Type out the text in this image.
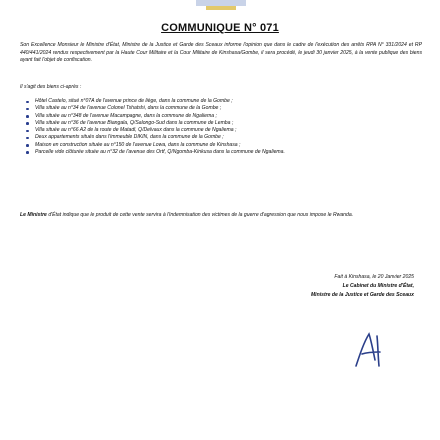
COMMUNIQUE N° 071
Son Excellence Monsieur le Ministre d'État, Ministre de la Justice et Garde des Sceaux informe l'opinion que dans le cadre de l'exécution des arrêts RPA N° 331/2024 et RP 440/441/2024 rendus respectivement par la Haute Cour Militaire et la Cour Militaire de Kinshasa/Gombe, il sera procédé, le jeudi 30 janvier 2025, à la vente publique des biens ayant fait l'objet de confiscation.
Il s'agit des biens ci-après :
Hôtel Castelo, situé n°07A de l'avenue prince de liège, dans la commune de la Gombe ;
Villa située au n°34 de l'avenue Colonel Tshatshi, dans la commune de la Gombe ;
Villa située au n°348 de l'avenue Macampagne, dans la commune de Ngaliema ;
Villa située au n°36 de l'avenue Biangala, Q/Salongo-Sud dans la commune de Lemba ;
Villa située au n°66 A2 de la route de Matadi, Q/Delvaux dans la commune de Ngaliema ;
Deux appartements situés dans l'immeuble DIKIN, dans la commune de la Gombe ;
Maison en construction située au n°150 de l'avenue Lowa, dans la commune de Kinshasa ;
Parcelle vide clôturée située au n°32 de l'avenue des Ortf, Q/Ngomba-Kinkusa dans la commune de Ngaliema.
Le Ministre d'État indique que le produit de cette vente servira à l'indemnisation des victimes de la guerre d'agression que nous impose le Rwanda.
Fait à Kinshasa, le 20 Janvier 2025
Le Cabinet du Ministre d'État,
Ministre de la Justice et Garde des Sceaux
